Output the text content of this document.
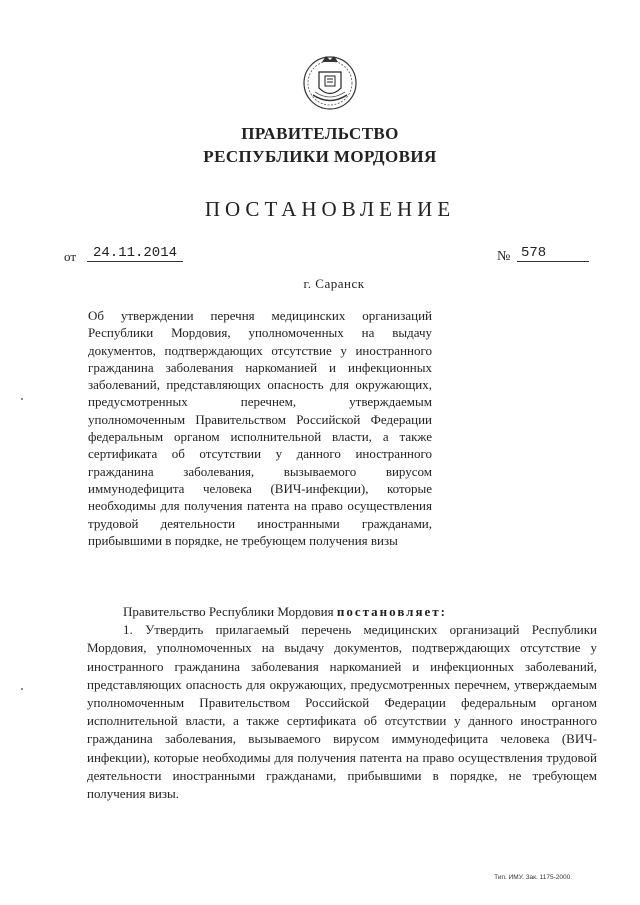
ПРАВИТЕЛЬСТВО
РЕСПУБЛИКИ МОРДОВИЯ
ПОСТАНОВЛЕНИЕ
от	24.11.2014	№ 578
г. Саранск
Об утверждении перечня медицинских организаций Республики Мордовия, уполномоченных на выдачу документов, подтверждающих отсутствие у иностранного гражданина заболевания наркоманией и инфекционных заболеваний, представляющих опасность для окружающих, предусмотренных перечнем, утверждаемым уполномоченным Правительством Российской Федерации федеральным органом исполнительной власти, а также сертификата об отсутствии у данного иностранного гражданина заболевания, вызываемого вирусом иммунодефицита человека (ВИЧ-инфекции), которые необходимы для получения патента на право осуществления трудовой деятельности иностранными гражданами, прибывшими в порядке, не требующем получения визы

Правительство Республики Мордовия постановляет:

1. Утвердить прилагаемый перечень медицинских организаций Республики Мордовия, уполномоченных на выдачу документов, подтверждающих отсутствие у иностранного гражданина заболевания наркоманией и инфекционных заболеваний, представляющих опасность для окружающих, предусмотренных перечнем, утверждаемым уполномоченным Правительством Российской Федерации федеральным органом исполнительной власти, а также сертификата об отсутствии у данного иностранного гражданина заболевания, вызываемого вирусом иммунодефицита человека (ВИЧ-инфекции), которые необходимы для получения патента на право осуществления трудовой деятельности иностранными гражданами, прибывшими в порядке, не требующем получения визы.

Тип. ИМУ. Зак. 1175-2000.
